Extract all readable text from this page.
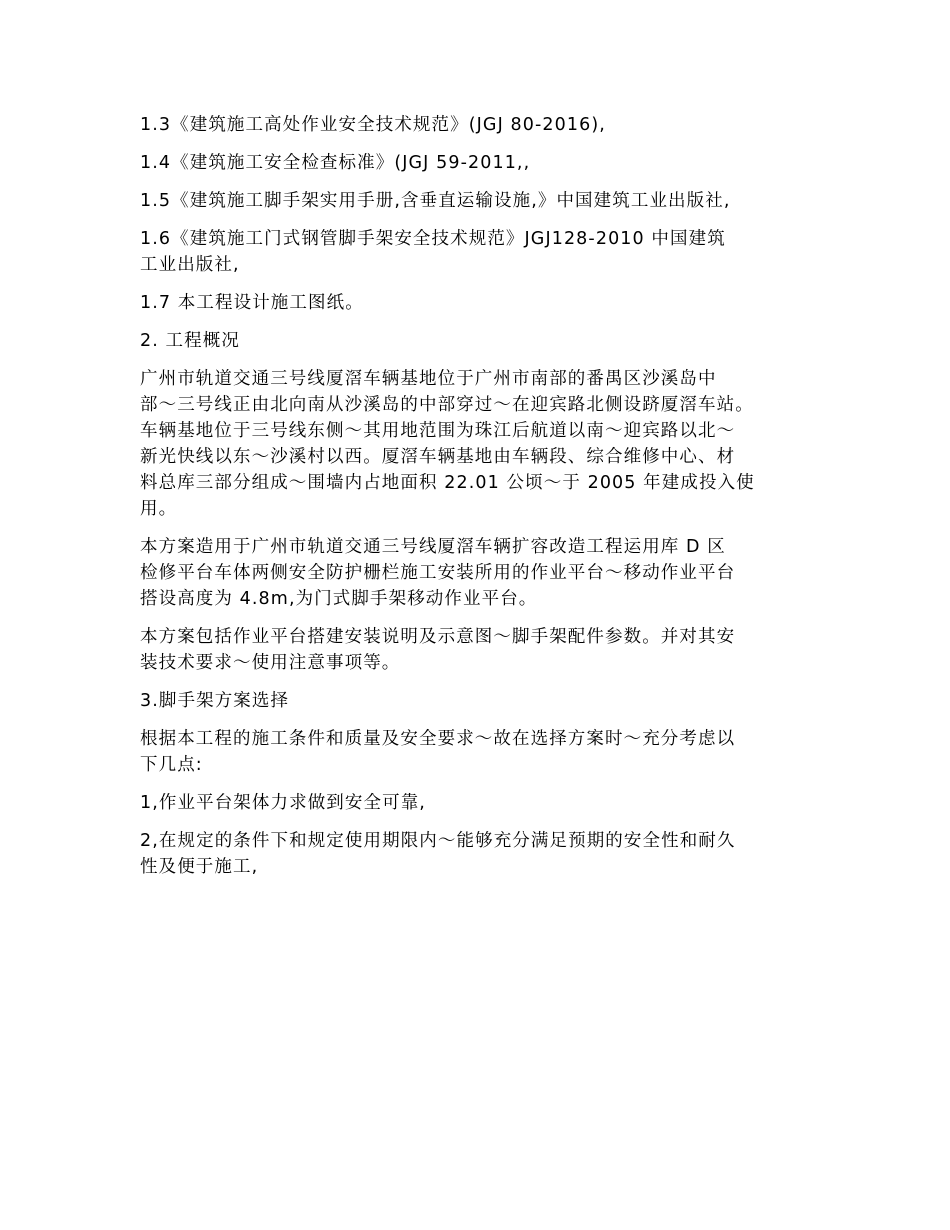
1.3《建筑施工高处作业安全技术规范》(JGJ 80-2016),

1.4《建筑施工安全检查标准》(JGJ 59-2011,,

1.5《建筑施工脚手架实用手册,含垂直运输设施,》中国建筑工业出版社,

1.6《建筑施工门式钢管脚手架安全技术规范》JGJ128-2010 中国建筑
工业出版社,

1.7 本工程设计施工图纸。

2. 工程概况

广州市轨道交通三号线厦滘车辆基地位于广州市南部的番禺区沙溪岛中
部～三号线正由北向南从沙溪岛的中部穿过～在迎宾路北侧设跻厦滘车站。
车辆基地位于三号线东侧～其用地范围为珠江后航道以南～迎宾路以北～
新光快线以东～沙溪村以西。厦滘车辆基地由车辆段、综合维修中心、材
料总库三部分组成～围墙内占地面积 22.01 公顷～于 2005 年建成投入使
用。

本方案造用于广州市轨道交通三号线厦滘车辆扩容改造工程运用库 D 区
检修平台车体两侧安全防护栅栏施工安装所用的作业平台～移动作业平台
搭设高度为 4.8m,为门式脚手架移动作业平台。

本方案包括作业平台搭建安装说明及示意图～脚手架配件参数。并对其安
装技术要求～使用注意事项等。

3.脚手架方案选择

根据本工程的施工条件和质量及安全要求～故在选择方案时～充分考虑以
下几点:

1,作业平台架体力求做到安全可靠,

2,在规定的条件下和规定使用期限内～能够充分满足预期的安全性和耐久
性及便于施工,
